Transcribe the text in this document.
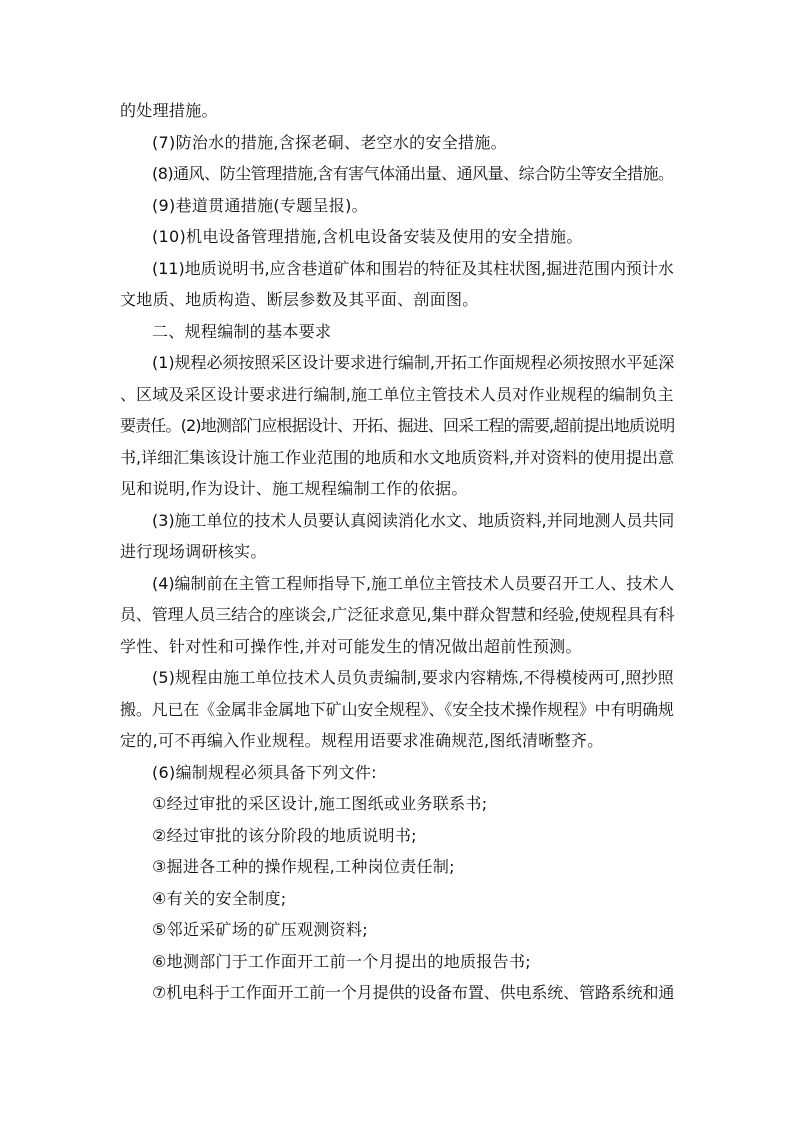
的处理措施。
(7)防治水的措施,含探老硐、老空水的安全措施。
(8)通风、防尘管理措施,含有害气体涌出量、通风量、综合防尘等安全措施。
(9)巷道贯通措施(专题呈报)。
(10)机电设备管理措施,含机电设备安装及使用的安全措施。
(11)地质说明书,应含巷道矿体和围岩的特征及其柱状图,掘进范围内预计水
文地质、地质构造、断层参数及其平面、剖面图。
二、规程编制的基本要求
(1)规程必须按照采区设计要求进行编制,开拓工作面规程必须按照水平延深
、区域及采区设计要求进行编制,施工单位主管技术人员对作业规程的编制负主
要责任。(2)地测部门应根据设计、开拓、掘进、回采工程的需要,超前提出地质说明
书,详细汇集该设计施工作业范围的地质和水文地质资料,并对资料的使用提出意
见和说明,作为设计、施工规程编制工作的依据。
(3)施工单位的技术人员要认真阅读消化水文、地质资料,并同地测人员共同
进行现场调研核实。
(4)编制前在主管工程师指导下,施工单位主管技术人员要召开工人、技术人
员、管理人员三结合的座谈会,广泛征求意见,集中群众智慧和经验,使规程具有科
学性、针对性和可操作性,并对可能发生的情况做出超前性预测。
(5)规程由施工单位技术人员负责编制,要求内容精炼,不得模棱两可,照抄照
搬。凡已在《金属非金属地下矿山安全规程》、《安全技术操作规程》中有明确规
定的,可不再编入作业规程。规程用语要求准确规范,图纸清晰整齐。
(6)编制规程必须具备下列文件:
①经过审批的采区设计,施工图纸或业务联系书;
②经过审批的该分阶段的地质说明书;
③掘进各工种的操作规程,工种岗位责任制;
④有关的安全制度;
⑤邻近采矿场的矿压观测资料;
⑥地测部门于工作面开工前一个月提出的地质报告书;
⑦机电科于工作面开工前一个月提供的设备布置、供电系统、管路系统和通
